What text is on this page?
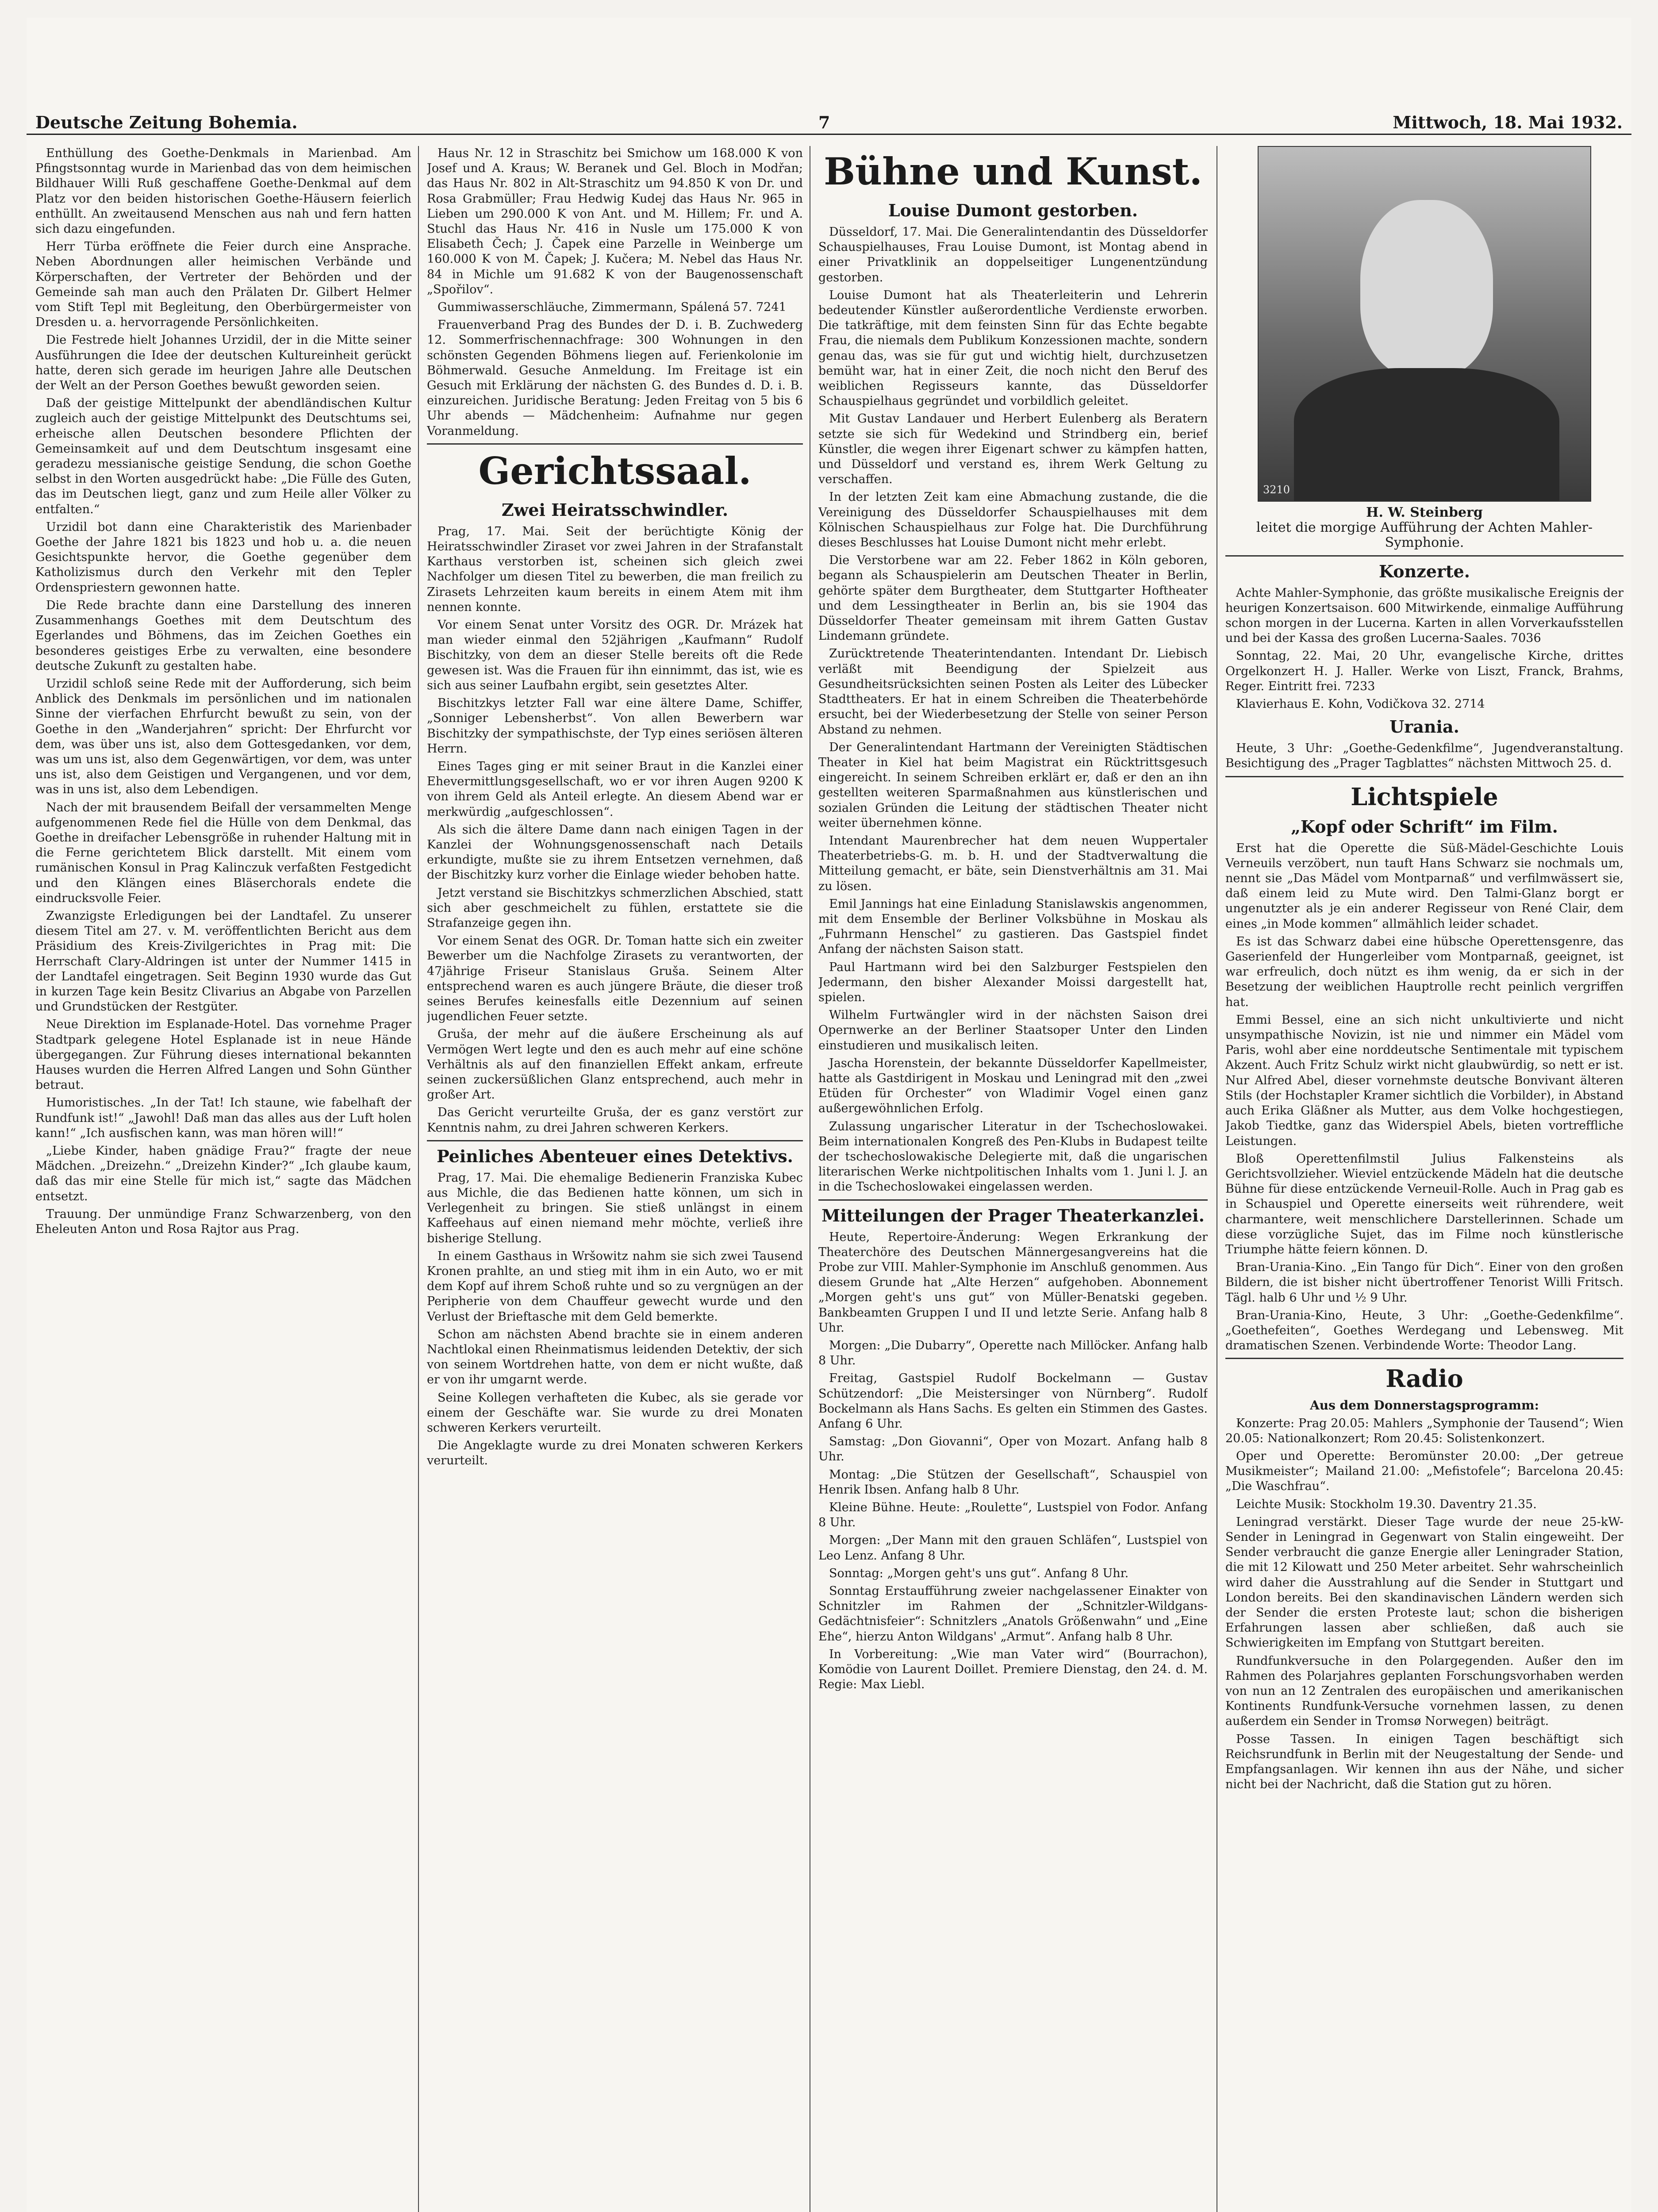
Deutsche Zeitung Bohemia.	7	Mittwoch, 18. Mai 1932.

Enthüllung des Goethe-Denkmals in Marienbad. Am Pfingstsonntag wurde in Marienbad das von dem heimischen Bildhauer Willi Ruß geschaffene Goethe-Denkmal auf dem Platz vor den beiden historischen Goethe-Häusern feierlich enthüllt. An zweitausend Menschen aus nah und fern hatten sich dazu eingefunden.

Herr Türba eröffnete die Feier durch eine Ansprache. Neben Abordnungen aller heimischen Verbände und Körperschaften, der Vertreter der Behörden und der Gemeinde sah man auch den Prälaten Dr. Gilbert Helmer vom Stift Tepl mit Begleitung, den Oberbürgermeister von Dresden u. a. hervorragende Persönlichkeiten.

Die Festrede hielt Johannes Urzidil, der in die Mitte seiner Ausführungen die Idee der deutschen Kultureinheit gerückt hatte, deren sich gerade im heurigen Jahre alle Deutschen der Welt an der Person Goethes bewußt geworden seien.

Daß der geistige Mittelpunkt der abendländischen Kultur zugleich auch der geistige Mittelpunkt des Deutschtums sei, erheische allen Deutschen besondere Pflichten der Gemeinsamkeit auf und dem Deutschtum insgesamt eine geradezu messianische geistige Sendung, die schon Goethe selbst in den Worten ausgedrückt habe: „Die Fülle des Guten, das im Deutschen liegt, ganz und zum Heile aller Völker zu entfalten.“

Urzidil bot dann eine Charakteristik des Marienbader Goethe der Jahre 1821 bis 1823 und hob u. a. die neuen Gesichtspunkte hervor, die Goethe gegenüber dem Katholizismus durch den Verkehr mit den Tepler Ordenspriestern gewonnen hatte.

Die Rede brachte dann eine Darstellung des inneren Zusammenhangs Goethes mit dem Deutschtum des Egerlandes und Böhmens, das im Zeichen Goethes ein besonderes geistiges Erbe zu verwalten, eine besondere deutsche Zukunft zu gestalten habe.

Urzidil schloß seine Rede mit der Aufforderung, sich beim Anblick des Denkmals im persönlichen und im nationalen Sinne der vierfachen Ehrfurcht bewußt zu sein, von der Goethe in den „Wanderjahren“ spricht: Der Ehrfurcht vor dem, was über uns ist, also dem Gottesgedanken, vor dem, was um uns ist, also dem Gegenwärtigen, vor dem, was unter uns ist, also dem Geistigen und Vergangenen, und vor dem, was in uns ist, also dem Lebendigen.

Nach der mit brausendem Beifall der versammelten Menge aufgenommenen Rede fiel die Hülle von dem Denkmal, das Goethe in dreifacher Lebensgröße in ruhender Haltung mit in die Ferne gerichtetem Blick darstellt. Mit einem vom rumänischen Konsul in Prag Kalinczuk verfaßten Festgedicht und den Klängen eines Bläserchorals endete die eindrucksvolle Feier.

Zwanzigste Erledigungen bei der Landtafel. Zu unserer diesem Titel am 27. v. M. veröffentlichten Bericht aus dem Präsidium des Kreis-Zivilgerichtes in Prag mit: Die Herrschaft Clary-Aldringen ist unter der Nummer 1415 in der Landtafel eingetragen. Seit Beginn 1930 wurde das Gut in kurzen Tage kein Besitz Clivarius an Abgabe von Parzellen und Grundstücken der Restgüter.

Neue Direktion im Esplanade-Hotel. Das vornehme Prager Stadtpark gelegene Hotel Esplanade ist in neue Hände übergegangen. Zur Führung dieses international bekannten Hauses wurden die Herren Alfred Langen und Sohn Günther betraut.

Humoristisches. „In der Tat! Ich staune, wie fabelhaft der Rundfunk ist!“ „Jawohl! Daß man das alles aus der Luft holen kann!“ „Ich ausfischen kann, was man hören will!“

„Liebe Kinder, haben gnädige Frau?“ fragte der neue Mädchen. „Dreizehn.“ „Dreizehn Kinder?“ „Ich glaube kaum, daß das mir eine Stelle für mich ist,“ sagte das Mädchen entsetzt.

Trauung. Der unmündige Franz Schwarzenberg, von den Eheleuten Anton und Rosa Rajtor aus Prag.

Haus Nr. 12 in Straschitz bei Smichow um 168.000 K von Josef und A. Kraus; W. Beranek und Gel. Bloch in Modřan; das Haus Nr. 802 in Alt-Straschitz um 94.850 K von Dr. und Rosa Grabmüller; Frau Hedwig Kudej das Haus Nr. 965 in Lieben um 290.000 K von Ant. und M. Hillem; Fr. und A. Stuchl das Haus Nr. 416 in Nusle um 175.000 K von Elisabeth Čech; J. Čapek eine Parzelle in Weinberge um 160.000 K von M. Čapek; J. Kučera; M. Nebel das Haus Nr. 84 in Michle um 91.682 K von der Baugenossenschaft „Spořilov“.

Gummiwasserschläuche, Zimmermann, Spálená 57. 7241

Frauenverband Prag des Bundes der D. i. B. Zuchwederg 12. Sommerfrischennachfrage: 300 Wohnungen in den schönsten Gegenden Böhmens liegen auf. Ferienkolonie im Böhmerwald. Gesuche Anmeldung. Im Freitage ist ein Gesuch mit Erklärung der nächsten G. des Bundes d. D. i. B. einzureichen. Juridische Beratung: Jeden Freitag von 5 bis 6 Uhr abends — Mädchenheim: Aufnahme nur gegen Voranmeldung.

Gerichtssaal.
Zwei Heiratsschwindler.

Prag, 17. Mai. Seit der berüchtigte König der Heiratsschwindler Ziraset vor zwei Jahren in der Strafanstalt Karthaus verstorben ist, scheinen sich gleich zwei Nachfolger um diesen Titel zu bewerben, die man freilich zu Zirasets Lehrzeiten kaum bereits in einem Atem mit ihm nennen konnte.

Vor einem Senat unter Vorsitz des OGR. Dr. Mrázek hat man wieder einmal den 52jährigen „Kaufmann“ Rudolf Bischitzky, von dem an dieser Stelle bereits oft die Rede gewesen ist. Was die Frauen für ihn einnimmt, das ist, wie es sich aus seiner Laufbahn ergibt, sein gesetztes Alter.

Bischitzkys letzter Fall war eine ältere Dame, Schiffer, „Sonniger Lebensherbst“. Von allen Bewerbern war Bischitzky der sympathischste, der Typ eines seriösen älteren Herrn.

Eines Tages ging er mit seiner Braut in die Kanzlei einer Ehevermittlungsgesellschaft, wo er vor ihren Augen 9200 K von ihrem Geld als Anteil erlegte. An diesem Abend war er merkwürdig „aufgeschlossen“.

Als sich die ältere Dame dann nach einigen Tagen in der Kanzlei der Wohnungsgenossenschaft nach Details erkundigte, mußte sie zu ihrem Entsetzen vernehmen, daß der Bischitzky kurz vorher die Einlage wieder behoben hatte.

Jetzt verstand sie Bischitzkys schmerzlichen Abschied, statt sich aber geschmeichelt zu fühlen, erstattete sie die Strafanzeige gegen ihn.

Vor einem Senat des OGR. Dr. Toman hatte sich ein zweiter Bewerber um die Nachfolge Zirasets zu verantworten, der 47jährige Friseur Stanislaus Gruša. Seinem Alter entsprechend waren es auch jüngere Bräute, die dieser troß seines Berufes keinesfalls eitle Dezennium auf seinen jugendlichen Feuer setzte.

Gruša, der mehr auf die äußere Erscheinung als auf Vermögen Wert legte und den es auch mehr auf eine schöne Verhältnis als auf den finanziellen Effekt ankam, erfreute seinen zuckersüßlichen Glanz entsprechend, auch mehr in großer Art.

Das Gericht verurteilte Gruša, der es ganz verstört zur Kenntnis nahm, zu drei Jahren schweren Kerkers.

Peinliches Abenteuer eines Detektivs.

Prag, 17. Mai. Die ehemalige Bedienerin Franziska Kubec aus Michle, die das Bedienen hatte können, um sich in Verlegenheit zu bringen. Sie stieß unlängst in einem Kaffeehaus auf einen niemand mehr möchte, verließ ihre bisherige Stellung.

In einem Gasthaus in Wršowitz nahm sie sich zwei Tausend Kronen prahlte, an und stieg mit ihm in ein Auto, wo er mit dem Kopf auf ihrem Schoß ruhte und so zu vergnügen an der Peripherie von dem Chauffeur gewecht wurde und den Verlust der Brieftasche mit dem Geld bemerkte.

Schon am nächsten Abend brachte sie in einem anderen Nachtlokal einen Rheinmatismus leidenden Detektiv, der sich von seinem Wortdrehen hatte, von dem er nicht wußte, daß er von ihr umgarnt werde.

Seine Kollegen verhafteten die Kubec, als sie gerade vor einem der Geschäfte war. Sie wurde zu drei Monaten schweren Kerkers verurteilt.

Die Angeklagte wurde zu drei Monaten schweren Kerkers verurteilt.

Bühne und Kunst.
Louise Dumont gestorben.

Düsseldorf, 17. Mai. Die Generalintendantin des Düsseldorfer Schauspielhauses, Frau Louise Dumont, ist Montag abend in einer Privatklinik an doppelseitiger Lungenentzündung gestorben.

Louise Dumont hat als Theaterleiterin und Lehrerin bedeutender Künstler außerordentliche Verdienste erworben. Die tatkräftige, mit dem feinsten Sinn für das Echte begabte Frau, die niemals dem Publikum Konzessionen machte, sondern genau das, was sie für gut und wichtig hielt, durchzusetzen bemüht war, hat in einer Zeit, die noch nicht den Beruf des weiblichen Regisseurs kannte, das Düsseldorfer Schauspielhaus gegründet und vorbildlich geleitet.

Mit Gustav Landauer und Herbert Eulenberg als Beratern setzte sie sich für Wedekind und Strindberg ein, berief Künstler, die wegen ihrer Eigenart schwer zu kämpfen hatten, und Düsseldorf und verstand es, ihrem Werk Geltung zu verschaffen.

In der letzten Zeit kam eine Abmachung zustande, die die Vereinigung des Düsseldorfer Schauspielhauses mit dem Kölnischen Schauspielhaus zur Folge hat. Die Durchführung dieses Beschlusses hat Louise Dumont nicht mehr erlebt.

Die Verstorbene war am 22. Feber 1862 in Köln geboren, begann als Schauspielerin am Deutschen Theater in Berlin, gehörte später dem Burgtheater, dem Stuttgarter Hoftheater und dem Lessingtheater in Berlin an, bis sie 1904 das Düsseldorfer Theater gemeinsam mit ihrem Gatten Gustav Lindemann gründete.

Zurücktretende Theaterintendanten. Intendant Dr. Liebisch verläßt mit Beendigung der Spielzeit aus Gesundheitsrücksichten seinen Posten als Leiter des Lübecker Stadttheaters. Er hat in einem Schreiben die Theaterbehörde ersucht, bei der Wiederbesetzung der Stelle von seiner Person Abstand zu nehmen.

Der Generalintendant Hartmann der Vereinigten Städtischen Theater in Kiel hat beim Magistrat ein Rücktrittsgesuch eingereicht. In seinem Schreiben erklärt er, daß er den an ihn gestellten weiteren Sparmaßnahmen aus künstlerischen und sozialen Gründen die Leitung der städtischen Theater nicht weiter übernehmen könne.

Intendant Maurenbrecher hat dem neuen Wuppertaler Theaterbetriebs-G. m. b. H. und der Stadtverwaltung die Mitteilung gemacht, er bäte, sein Dienstverhältnis am 31. Mai zu lösen.

Emil Jannings hat eine Einladung Stanislawskis angenommen, mit dem Ensemble der Berliner Volksbühne in Moskau als „Fuhrmann Henschel“ zu gastieren. Das Gastspiel findet Anfang der nächsten Saison statt.

Paul Hartmann wird bei den Salzburger Festspielen den Jedermann, den bisher Alexander Moissi dargestellt hat, spielen.

Wilhelm Furtwängler wird in der nächsten Saison drei Opernwerke an der Berliner Staatsoper Unter den Linden einstudieren und musikalisch leiten.

Jascha Horenstein, der bekannte Düsseldorfer Kapellmeister, hatte als Gastdirigent in Moskau und Leningrad mit den „zwei Etüden für Orchester“ von Wladimir Vogel einen ganz außergewöhnlichen Erfolg.

Zulassung ungarischer Literatur in der Tschechoslowakei. Beim internationalen Kongreß des Pen-Klubs in Budapest teilte der tschechoslowakische Delegierte mit, daß die ungarischen literarischen Werke nichtpolitischen Inhalts vom 1. Juni l. J. an in die Tschechoslowakei eingelassen werden.

Mitteilungen der Prager Theaterkanzlei.

Heute, Repertoire-Änderung: Wegen Erkrankung der Theaterchöre des Deutschen Männergesangvereins hat die Probe zur VIII. Mahler-Symphonie im Anschluß genommen. Aus diesem Grunde hat „Alte Herzen“ aufgehoben. Abonnement „Morgen geht's uns gut“ von Müller-Benatski gegeben. Bankbeamten Gruppen I und II und letzte Serie. Anfang halb 8 Uhr.

Morgen: „Die Dubarry“, Operette nach Millöcker. Anfang halb 8 Uhr.

Freitag, Gastspiel Rudolf Bockelmann — Gustav Schützendorf: „Die Meistersinger von Nürnberg“. Rudolf Bockelmann als Hans Sachs. Es gelten ein Stimmen des Gastes. Anfang 6 Uhr.

Samstag: „Don Giovanni“, Oper von Mozart. Anfang halb 8 Uhr.

Montag: „Die Stützen der Gesellschaft“, Schauspiel von Henrik Ibsen. Anfang halb 8 Uhr.

Kleine Bühne. Heute: „Roulette“, Lustspiel von Fodor. Anfang 8 Uhr.

Morgen: „Der Mann mit den grauen Schläfen“, Lustspiel von Leo Lenz. Anfang 8 Uhr.

Sonntag: „Morgen geht's uns gut“. Anfang 8 Uhr.

Sonntag Erstaufführung zweier nachgelassener Einakter von Schnitzler im Rahmen der „Schnitzler-Wildgans-Gedächtnisfeier“: Schnitzlers „Anatols Größenwahn“ und „Eine Ehe“, hierzu Anton Wildgans' „Armut“. Anfang halb 8 Uhr.

In Vorbereitung: „Wie man Vater wird“ (Bourrachon), Komödie von Laurent Doillet. Premiere Dienstag, den 24. d. M. Regie: Max Liebl.

3210
H. W. Steinberg
leitet die morgige Aufführung der Achten Mahler-Symphonie.
Konzerte.

Achte Mahler-Symphonie, das größte musikalische Ereignis der heurigen Konzertsaison. 600 Mitwirkende, einmalige Aufführung schon morgen in der Lucerna. Karten in allen Vorverkaufsstellen und bei der Kassa des großen Lucerna-Saales. 7036

Sonntag, 22. Mai, 20 Uhr, evangelische Kirche, drittes Orgelkonzert H. J. Haller. Werke von Liszt, Franck, Brahms, Reger. Eintritt frei. 7233

Klavierhaus E. Kohn, Vodičkova 32. 2714

Urania.

Heute, 3 Uhr: „Goethe-Gedenkfilme“, Jugendveranstaltung. Besichtigung des „Prager Tagblattes“ nächsten Mittwoch 25. d.

Lichtspiele
„Kopf oder Schrift“ im Film.

Erst hat die Operette die Süß-Mädel-Geschichte Louis Verneuils verzöbert, nun tauft Hans Schwarz sie nochmals um, nennt sie „Das Mädel vom Montparnaß“ und verfilmwässert sie, daß einem leid zu Mute wird. Den Talmi-Glanz borgt er ungenutzter als je ein anderer Regisseur von René Clair, dem eines „in Mode kommen“ allmählich leider schadet.

Es ist das Schwarz dabei eine hübsche Operettensgenre, das Gaserienfeld der Hungerleiber vom Montparnaß, geeignet, ist war erfreulich, doch nützt es ihm wenig, da er sich in der Besetzung der weiblichen Hauptrolle recht peinlich vergriffen hat.

Emmi Bessel, eine an sich nicht unkultivierte und nicht unsympathische Novizin, ist nie und nimmer ein Mädel vom Paris, wohl aber eine norddeutsche Sentimentale mit typischem Akzent. Auch Fritz Schulz wirkt nicht glaubwürdig, so nett er ist. Nur Alfred Abel, dieser vornehmste deutsche Bonvivant älteren Stils (der Hochstapler Kramer sichtlich die Vorbilder), in Abstand auch Erika Gläßner als Mutter, aus dem Volke hochgestiegen, Jakob Tiedtke, ganz das Widerspiel Abels, bieten vortreffliche Leistungen.

Bloß Operettenfilmstil Julius Falkensteins als Gerichtsvollzieher. Wieviel entzückende Mädeln hat die deutsche Bühne für diese entzückende Verneuil-Rolle. Auch in Prag gab es in Schauspiel und Operette einerseits weit rührendere, weit charmantere, weit menschlichere Darstellerinnen. Schade um diese vorzügliche Sujet, das im Filme noch künstlerische Triumphe hätte feiern können. D.

Bran-Urania-Kino. „Ein Tango für Dich“. Einer von den großen Bildern, die ist bisher nicht übertroffener Tenorist Willi Fritsch. Tägl. halb 6 Uhr und ½ 9 Uhr.

Bran-Urania-Kino, Heute, 3 Uhr: „Goethe-Gedenkfilme“. „Goethefeiten“, Goethes Werdegang und Lebensweg. Mit dramatischen Szenen. Verbindende Worte: Theodor Lang.

Radio
Aus dem Donnerstagsprogramm:

Konzerte: Prag 20.05: Mahlers „Symphonie der Tausend“; Wien 20.05: Nationalkonzert; Rom 20.45: Solistenkonzert.

Oper und Operette: Beromünster 20.00: „Der getreue Musikmeister“; Mailand 21.00: „Mefistofele“; Barcelona 20.45: „Die Waschfrau“.

Leichte Musik: Stockholm 19.30. Daventry 21.35.

Leningrad verstärkt. Dieser Tage wurde der neue 25-kW-Sender in Leningrad in Gegenwart von Stalin eingeweiht. Der Sender verbraucht die ganze Energie aller Leningrader Station, die mit 12 Kilowatt und 250 Meter arbeitet. Sehr wahrscheinlich wird daher die Ausstrahlung auf die Sender in Stuttgart und London bereits. Bei den skandinavischen Ländern werden sich der Sender die ersten Proteste laut; schon die bisherigen Erfahrungen lassen aber schließen, daß auch sie Schwierigkeiten im Empfang von Stuttgart bereiten.

Rundfunkversuche in den Polargegenden. Außer den im Rahmen des Polarjahres geplanten Forschungsvorhaben werden von nun an 12 Zentralen des europäischen und amerikanischen Kontinents Rundfunk-Versuche vornehmen lassen, zu denen außerdem ein Sender in Tromsø Norwegen) beiträgt.

Posse Tassen. In einigen Tagen beschäftigt sich Reichsrundfunk in Berlin mit der Neugestaltung der Sende- und Empfangsanlagen. Wir kennen ihn aus der Nähe, und sicher nicht bei der Nachricht, daß die Station gut zu hören.
